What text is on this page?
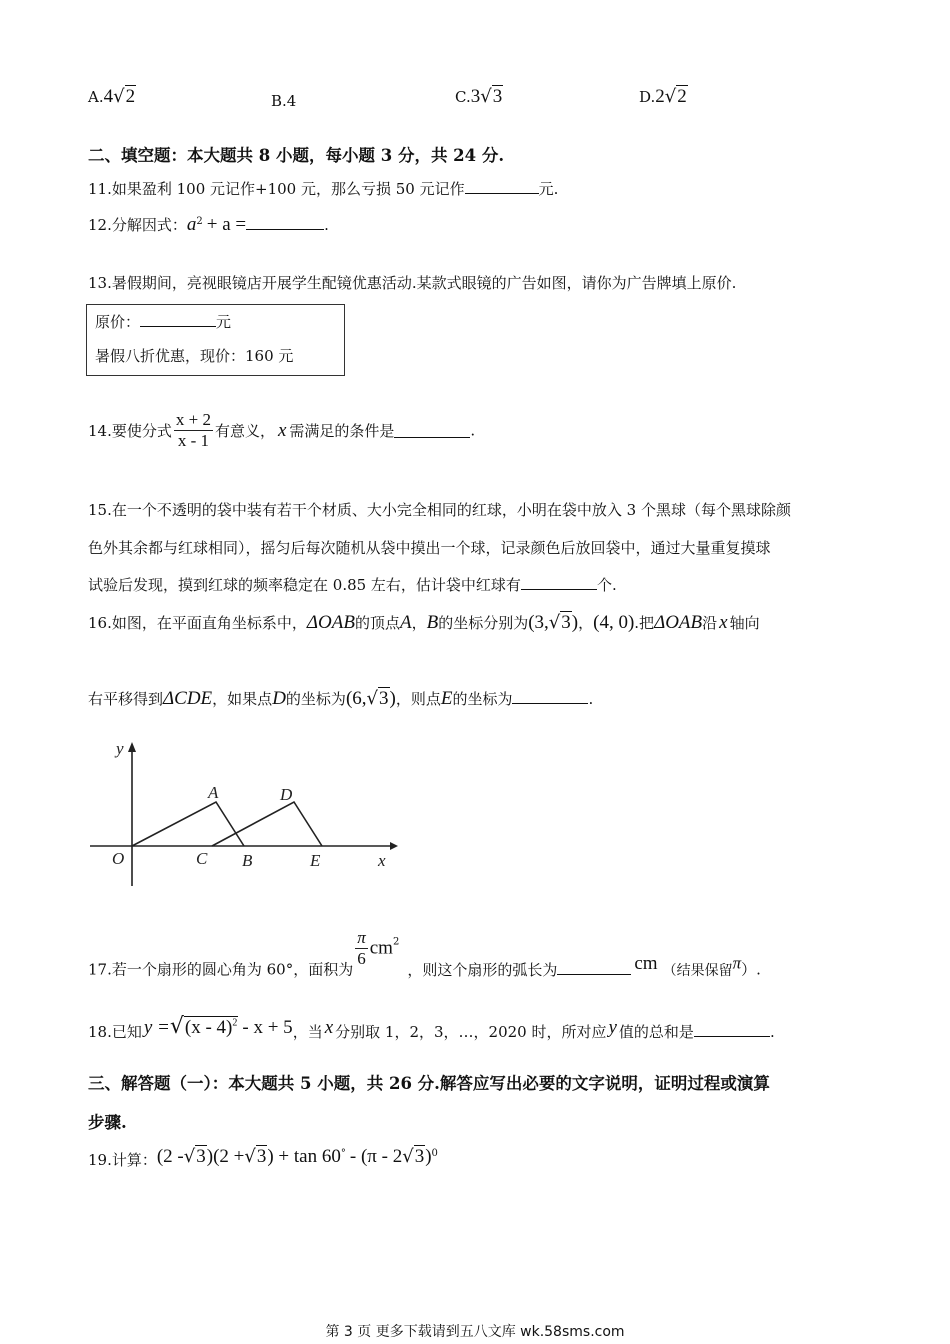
A.4√2	B.4	C.3√3	D.2√2
二、填空题：本大题共 8 小题，每小题 3 分，共 24 分.
11.如果盈利 100 元记作+100 元，那么亏损 50 元记作	元.
12.分解因式：$a^2 + a$ =	.
13.暑假期间，亮视眼镜店开展学生配镜优惠活动.某款式眼镜的广告如图，请你为广告牌填上原价.
原价：	元
暑假八折优惠，现价：160 元
14.要使分式 $\frac{x + 2}{x - 1}$ 有意义， x 需满足的条件是	.
15.在一个不透明的袋中装有若干个材质、大小完全相同的红球，小明在袋中放入 3 个黑球（每个黑球除颜
色外其余都与红球相同），摇匀后每次随机从袋中摸出一个球，记录颜色后放回袋中，通过大量重复摸球
试验后发现，摸到红球的频率稳定在 0.85 左右，估计袋中红球有	个.
16.如图，在平面直角坐标系中，ΔOAB的顶点A，B的坐标分别为(3,√3)，(4, 0).把ΔOAB沿 x 轴向
右平移得到ΔCDE，如果点D的坐标为(6,√3)，则点E的坐标为	.
y
x
O
A
B
C
D
E
17.若一个扇形的圆心角为 60°，面积为
$\frac{\pi}{6} cm^2$，则这个扇形的弧长为	cm （结果保留π）.
18.已知 y =√(x - 4)$^2$ - x + 5，当 x 分别取 1，2，3，…，2020 时，所对应 y 值的总和是	.
三、解答题（一）：本大题共 5 小题，共 26 分.解答应写出必要的文字说明，证明过程或演算
步骤.
19.计算：(2 -√3)(2 +√3) + tan 60° - (π - 2√3)$^0$
第 3 页 更多下载请到五八文库 wk.58sms.com
